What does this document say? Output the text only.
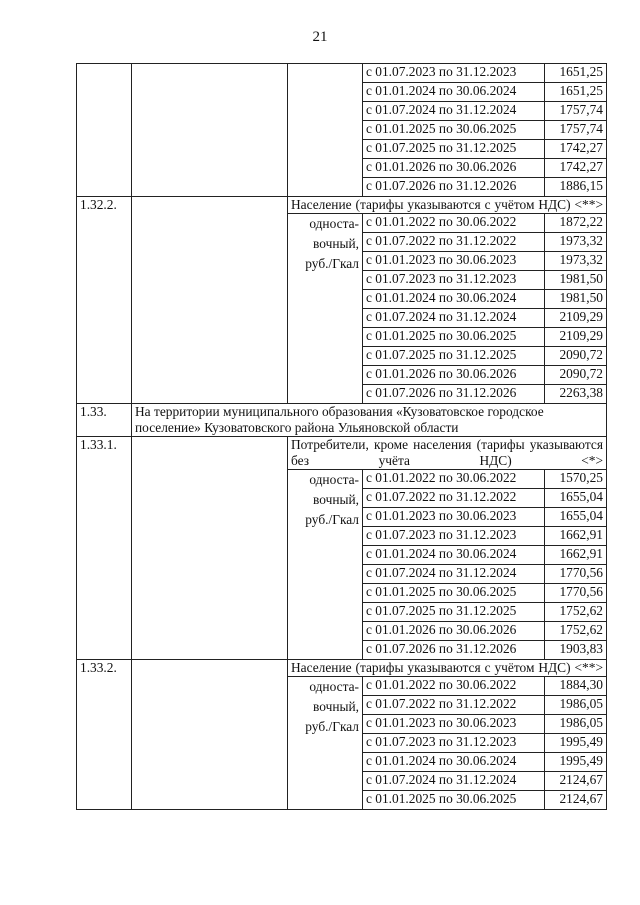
21
			с 01.07.2023 по 31.12.2023	1651,25
			с 01.01.2024 по 30.06.2024	1651,25
			с 01.07.2024 по 31.12.2024	1757,74
			с 01.01.2025 по 30.06.2025	1757,74
			с 01.07.2025 по 31.12.2025	1742,27
			с 01.01.2026 по 30.06.2026	1742,27
			с 01.07.2026 по 31.12.2026	1886,15
1.32.2.		Население (тарифы указываются с учётом НДС) <**>		
		односта-вочный, руб./Гкал	с 01.01.2022 по 30.06.2022	1872,22
			с 01.07.2022 по 31.12.2022	1973,32
			с 01.01.2023 по 30.06.2023	1973,32
			с 01.07.2023 по 31.12.2023	1981,50
			с 01.01.2024 по 30.06.2024	1981,50
			с 01.07.2024 по 31.12.2024	2109,29
			с 01.01.2025 по 30.06.2025	2109,29
			с 01.07.2025 по 31.12.2025	2090,72
			с 01.01.2026 по 30.06.2026	2090,72
			с 01.07.2026 по 31.12.2026	2263,38
1.33.	На территории муниципального образования «Кузоватовское городское поселение» Кузоватовского района Ульяновской области			
1.33.1.		Потребители, кроме населения (тарифы указываются без учёта НДС) <*>		
		односта-вочный, руб./Гкал	с 01.01.2022 по 30.06.2022	1570,25
			с 01.07.2022 по 31.12.2022	1655,04
			с 01.01.2023 по 30.06.2023	1655,04
			с 01.07.2023 по 31.12.2023	1662,91
			с 01.01.2024 по 30.06.2024	1662,91
			с 01.07.2024 по 31.12.2024	1770,56
			с 01.01.2025 по 30.06.2025	1770,56
			с 01.07.2025 по 31.12.2025	1752,62
			с 01.01.2026 по 30.06.2026	1752,62
			с 01.07.2026 по 31.12.2026	1903,83
1.33.2.		Население (тарифы указываются с учётом НДС) <**>		
		односта-вочный, руб./Гкал	с 01.01.2022 по 30.06.2022	1884,30
			с 01.07.2022 по 31.12.2022	1986,05
			с 01.01.2023 по 30.06.2023	1986,05
			с 01.07.2023 по 31.12.2023	1995,49
			с 01.01.2024 по 30.06.2024	1995,49
			с 01.07.2024 по 31.12.2024	2124,67
			с 01.01.2025 по 30.06.2025	2124,67
